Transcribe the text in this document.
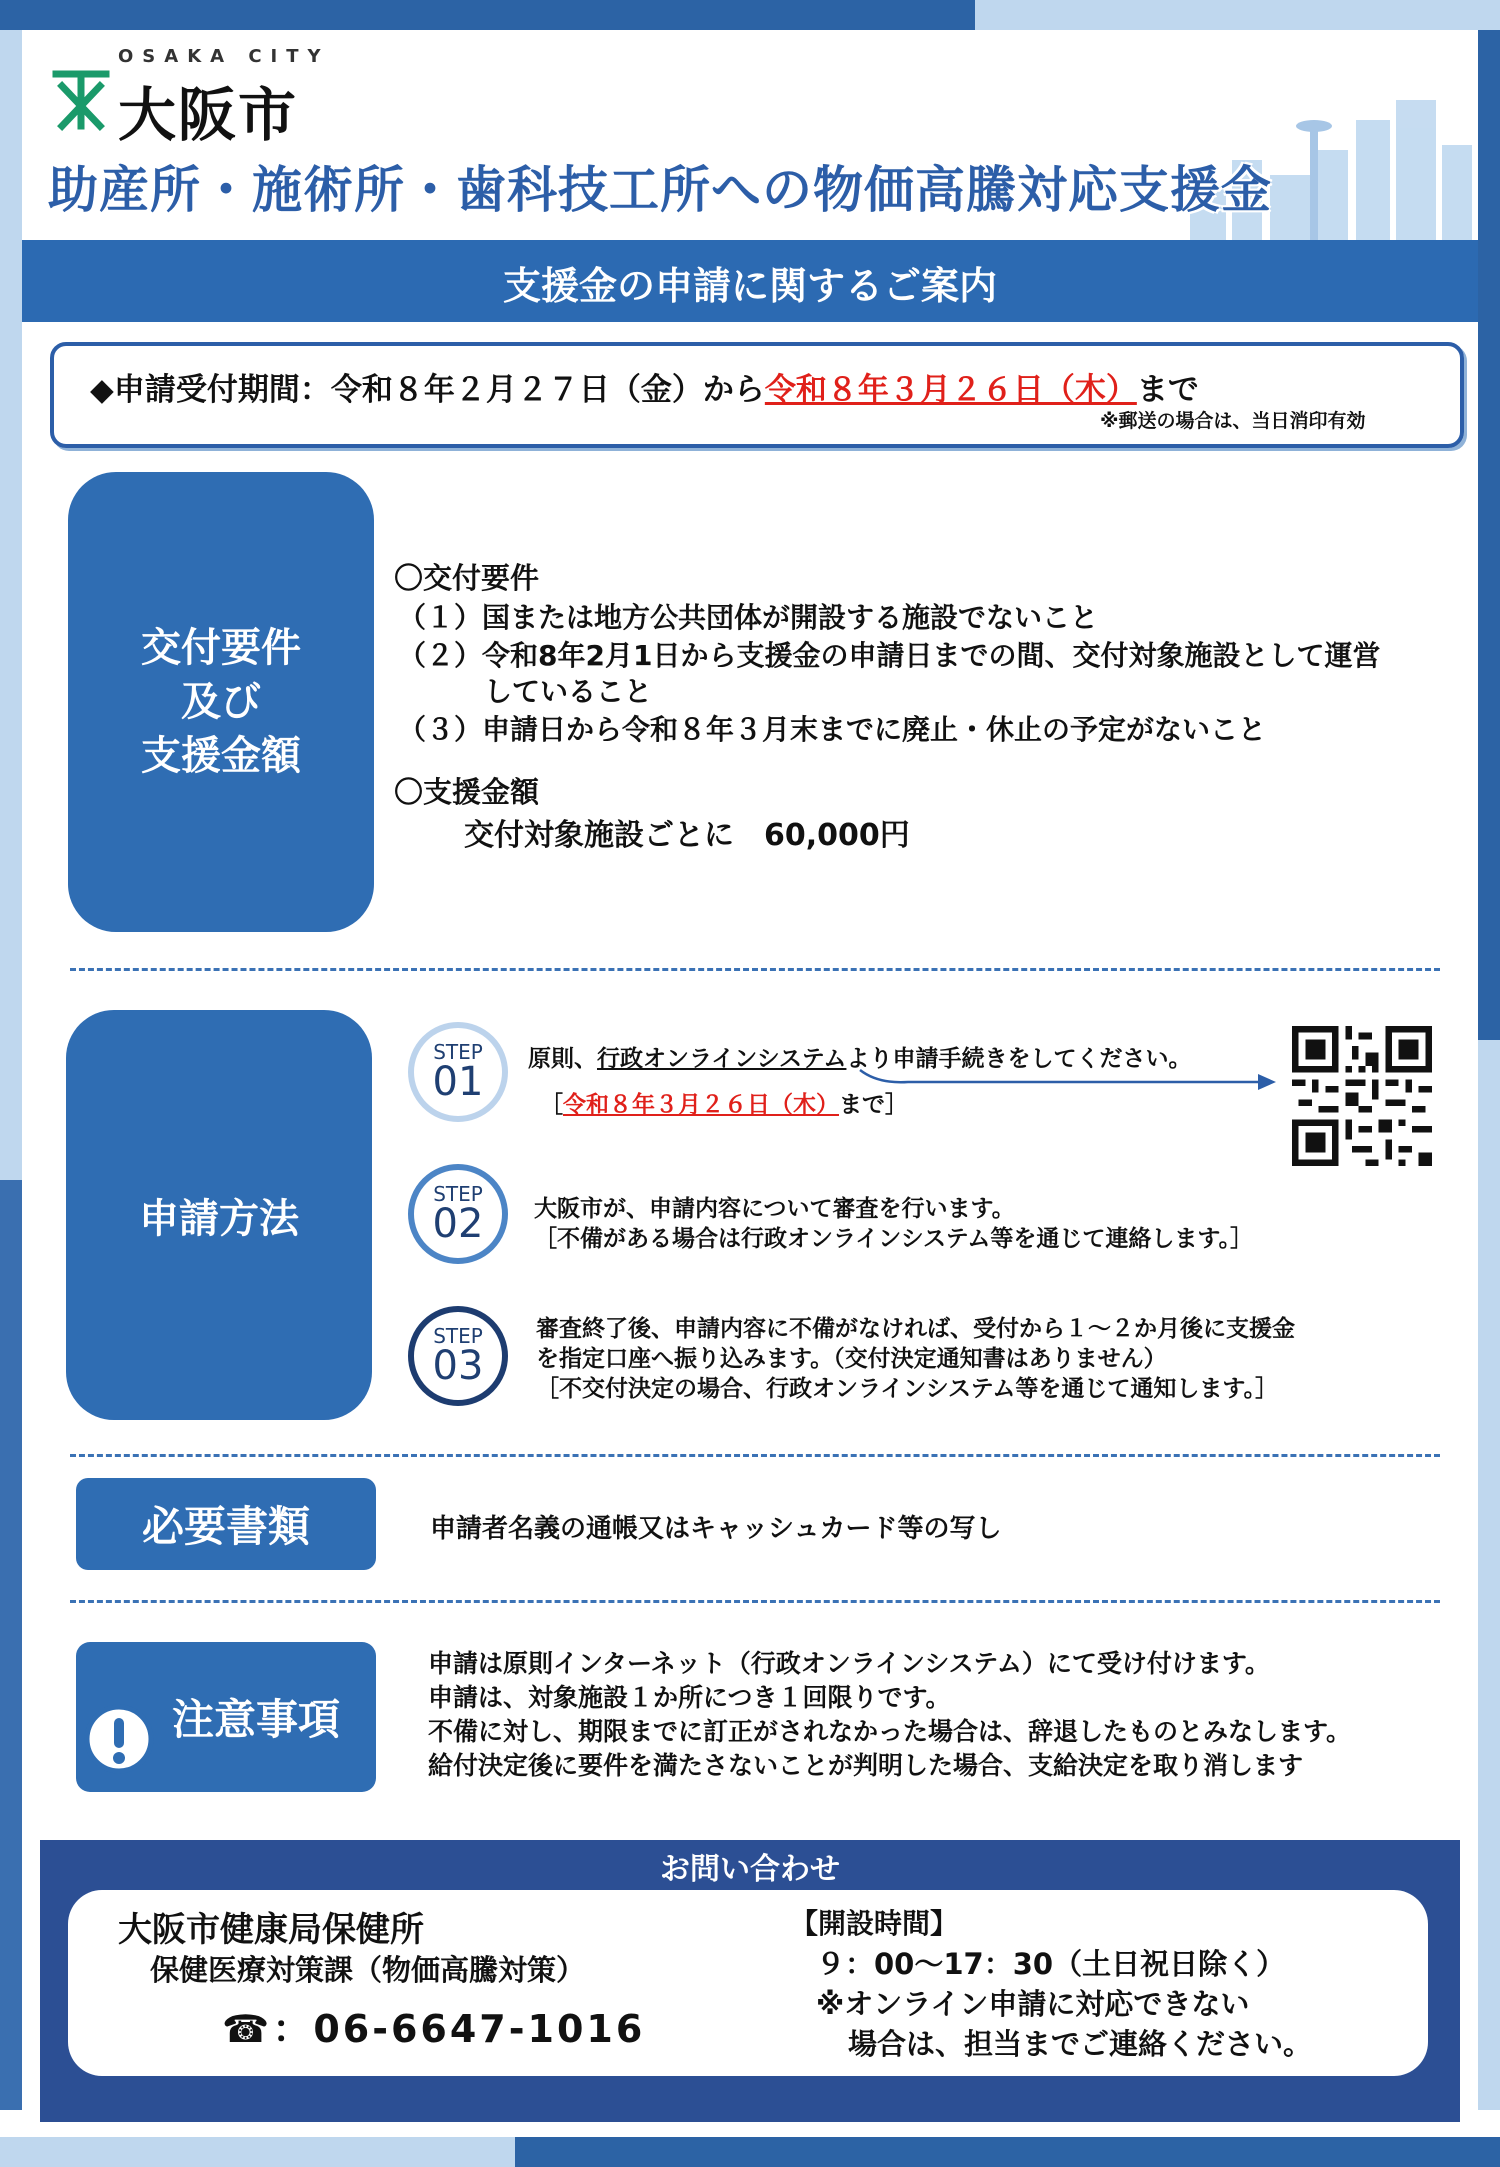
OSAKA CITY
大阪市
助産所・施術所・歯科技工所への物価高騰対応支援金
支援金の申請に関するご案内
◆申請受付期間：令和８年２月２７日（金）から令和８年３月２６日（木）まで
※郵送の場合は、当日消印有効
交付要件
及び
支援金額
〇交付要件
（１）国または地方公共団体が開設する施設でないこと
（２）令和8年2月1日から支援金の申請日までの間、交付対象施設として運営
していること
（３）申請日から令和８年３月末までに廃止・休止の予定がないこと
〇支援金額
交付対象施設ごとに　60,000円
申請方法
STEP
01 原則、行政オンラインシステムより申請手続きをしてください。
［令和８年３月２６日（木）まで］
STEP
02 大阪市が、申請内容について審査を行います。
［不備がある場合は行政オンラインシステム等を通じて連絡します。］
STEP
03
審査終了後、申請内容に不備がなければ、受付から１～２か月後に支援金
を指定口座へ振り込みます。（交付決定通知書はありません）
［不交付決定の場合、行政オンラインシステム等を通じて通知します。］
必要書類	申請者名義の通帳又はキャッシュカード等の写し
注意事項
申請は原則インターネット（行政オンラインシステム）にて受け付けます。
申請は、対象施設１か所につき１回限りです。
不備に対し、期限までに訂正がされなかった場合は、辞退したものとみなします。
給付決定後に要件を満たさないことが判明した場合、支給決定を取り消します
お問い合わせ
大阪市健康局保健所
保健医療対策課（物価高騰対策）
☎：06-6647-1016
【開設時間】
９：00～17：30（土日祝日除く）
※オンライン申請に対応できない
場合は、担当までご連絡ください。
